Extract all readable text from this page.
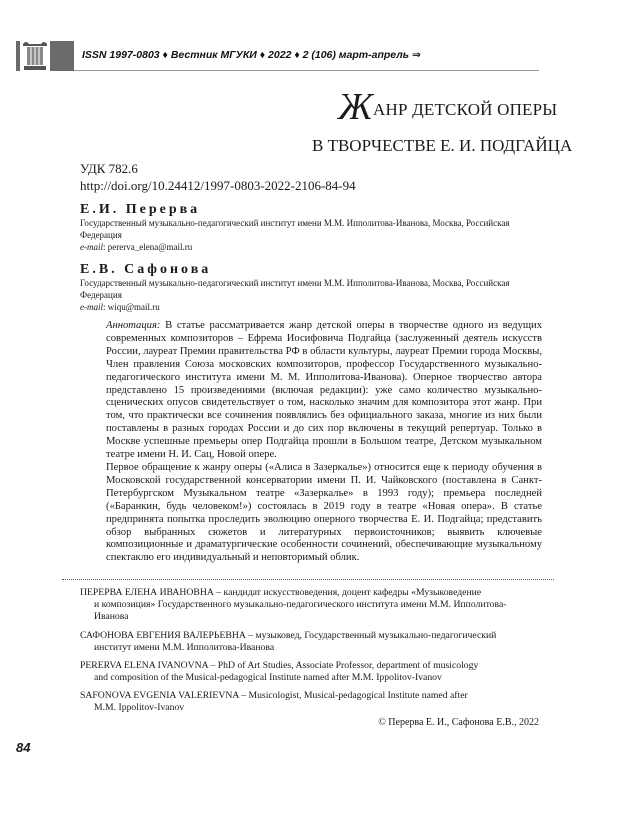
ISSN 1997-0803 ♦ Вестник МГУКИ ♦ 2022 ♦ 2 (106) март-апрель ⇒
ЖАНР ДЕТСКОЙ ОПЕРЫ
В ТВОРЧЕСТВЕ Е. И. ПОДГАЙЦА
УДК 782.6
http://doi.org/10.24412/1997-0803-2022-2106-84-94
Е.И. Перерва
Государственный музыкально-педагогический институт имени М.М. Ипполитова-Иванова, Москва, Российская Федерация
e-mail: pererva_elena@mail.ru
Е.В. Сафонова
Государственный музыкально-педагогический институт имени М.М. Ипполитова-Иванова, Москва, Российская Федерация
e-mail: wiqu@mail.ru

Аннотация: В статье рассматривается жанр детской оперы в творчестве одного из ведущих современных композиторов – Ефрема Иосифовича Подгайца (заслуженный деятель искусств России, лауреат Премии правительства РФ в области культуры, лауреат Премии города Москвы, Член правления Союза московских композиторов, профессор Государственного музыкально-педагогического института имени М. М. Ипполитова-Иванова). Оперное творчество автора представлено 15 произведениями (включая редакции): уже само количество музыкально-сценических опусов свидетельствует о том, насколько значим для композитора этот жанр. При том, что практически все сочинения появлялись без официального заказа, многие из них были поставлены в разных городах России и до сих пор включены в текущий репертуар. Только в Москве успешные премьеры опер Подгайца прошли в Большом театре, Детском музыкальном театре имени Н. И. Сац, Новой опере.

Первое обращение к жанру оперы («Алиса в Зазеркалье») относится еще к периоду обучения в Московской государственной консерватории имени П. И. Чайковского (поставлена в Санкт-Петербургском Музыкальном театре «Зазеркалье» в 1993 году); премьера последней («Баранкин, будь человеком!») состоялась в 2019 году в театре «Новая опера». В статье предпринята попытка проследить эволюцию оперного творчества Е. И. Подгайца; представить обзор выбранных сюжетов и литературных первоисточников; выявить ключевые композиционные и драматургические особенности сочинений, обеспечивающие музыкальному спектаклю его индивидуальный и неповторимый облик.

ПЕРЕРВА ЕЛЕНА ИВАНОВНА – кандидат искусствоведения, доцент кафедры «Музыковедение
и композиция» Государственного музыкально-педагогического института имени М.М. Ипполитова-Иванова
САФОНОВА ЕВГЕНИЯ ВАЛЕРЬЕВНА – музыковед, Государственный музыкально-педагогический
институт имени М.М. Ипполитова-Иванова
PERERVA ELENA IVANOVNA – PhD of Art Studies, Associate Professor, department of musicology
and composition of the Musical-pedagogical Institute named after M.M. Ippolitov-Ivanov
SAFONOVA EVGENIA VALERIEVNA – Musicologist, Musical-pedagogical Institute named after
M.M. Ippolitov-Ivanov
© Перерва Е. И., Сафонова Е.В., 2022
84
